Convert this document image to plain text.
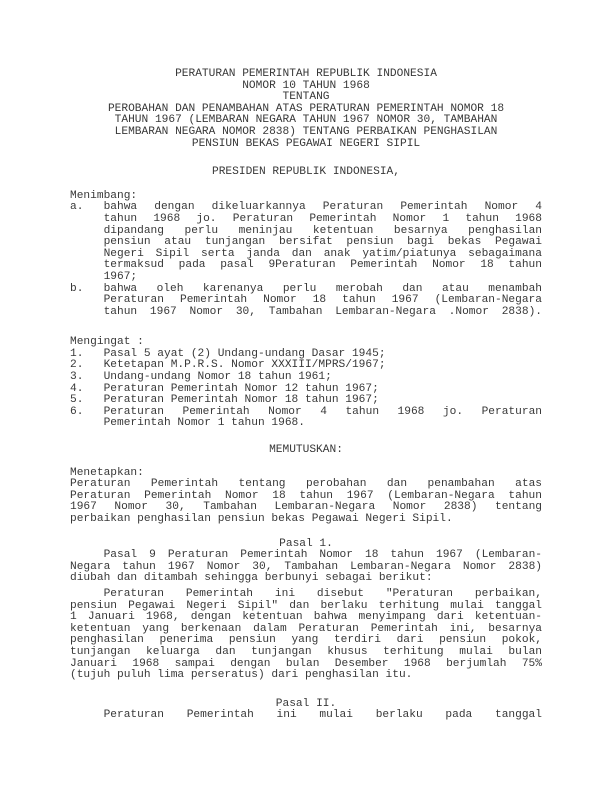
PERATURAN PEMERINTAH REPUBLIK INDONESIA
NOMOR 10 TAHUN 1968
TENTANG
PEROBAHAN DAN PENAMBAHAN ATAS PERATURAN PEMERINTAH NOMOR 18
TAHUN 1967 (LEMBARAN NEGARA TAHUN 1967 NOMOR 30, TAMBAHAN
LEMBARAN NEGARA NOMOR 2838) TENTANG PERBAIKAN PENGHASILAN
PENSIUN BEKAS PEGAWAI NEGERI SIPIL
PRESIDEN REPUBLIK INDONESIA,
Menimbang:
a. bahwa dengan dikeluarkannya Peraturan Pemerintah Nomor 4
tahun 1968 jo. Peraturan Pemerintah Nomor 1 tahun 1968
dipandang perlu meninjau ketentuan besarnya penghasilan
pensiun atau tunjangan bersifat pensiun bagi bekas Pegawai
Negeri Sipil serta janda dan anak yatim/piatunya sebagaimana
termaksud pada pasal 9Peraturan Pemerintah Nomor 18 tahun
1967;
b. bahwa oleh karenanya perlu merobah dan atau menambah
Peraturan Pemerintah Nomor 18 tahun 1967 (Lembaran-Negara
tahun 1967 Nomor 30, Tambahan Lembaran-Negara .Nomor 2838).
Mengingat :
1. Pasal 5 ayat (2) Undang-undang Dasar 1945;
2. Ketetapan M.P.R.S. Nomor XXXIII/MPRS/1967;
3. Undang-undang Nomor 18 tahun 1961;
4. Peraturan Pemerintah Nomor 12 tahun 1967;
5. Peraturan Pemerintah Nomor 18 tahun 1967;
6. Peraturan Pemerintah Nomor 4 tahun 1968 jo. Peraturan
Pemerintah Nomor 1 tahun 1968.
MEMUTUSKAN:
Menetapkan:
Peraturan Pemerintah tentang perobahan dan penambahan atas
Peraturan Pemerintah Nomor 18 tahun 1967 (Lembaran-Negara tahun
1967 Nomor 30, Tambahan Lembaran-Negara Nomor 2838) tentang
perbaikan penghasilan pensiun bekas Pegawai Negeri Sipil.
Pasal 1.
Pasal 9 Peraturan Pemerintah Nomor 18 tahun 1967 (Lembaran-
Negara tahun 1967 Nomor 30, Tambahan Lembaran-Negara Nomor 2838)
diubah dan ditambah sehingga berbunyi sebagai berikut:
Peraturan Pemerintah ini disebut "Peraturan perbaikan,
pensiun Pegawai Negeri Sipil" dan berlaku terhitung mulai tanggal
1 Januari 1968, dengan ketentuan bahwa menyimpang dari ketentuan-
ketentuan yang berkenaan dalam Peraturan Pemerintah ini, besarnya
penghasilan penerima pensiun yang terdiri dari pensiun pokok,
tunjangan keluarga dan tunjangan khusus terhitung mulai bulan
Januari 1968 sampai dengan bulan Desember 1968 berjumlah 75%
(tujuh puluh lima perseratus) dari penghasilan itu.
Pasal II.
Peraturan Pemerintah ini mulai berlaku pada tanggal
